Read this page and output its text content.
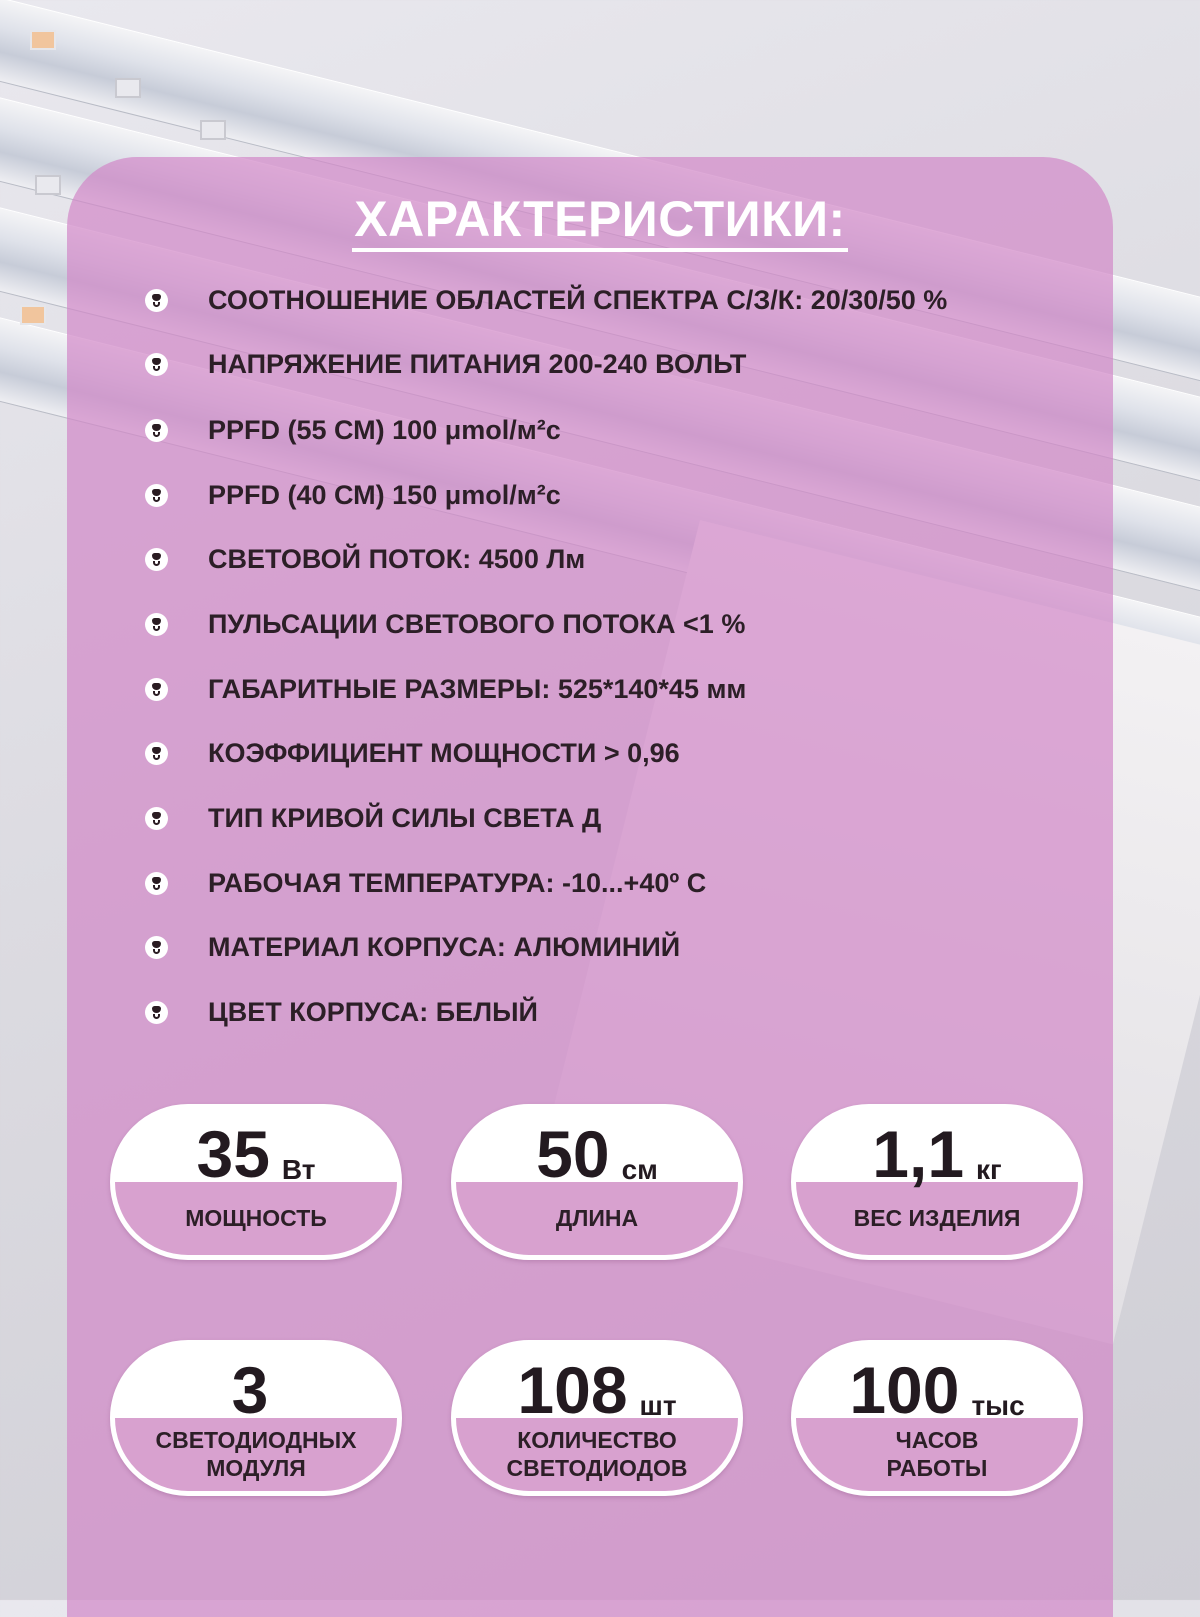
ХАРАКТЕРИСТИКИ:
СООТНОШЕНИЕ ОБЛАСТЕЙ СПЕКТРА С/З/К: 20/30/50 %
НАПРЯЖЕНИЕ ПИТАНИЯ 200-240 ВОЛЬТ
PPFD (55 СМ) 100 μmol/м²с
PPFD (40 СМ) 150 μmol/м²с
СВЕТОВОЙ ПОТОК: 4500 Лм
ПУЛЬСАЦИИ СВЕТОВОГО ПОТОКА <1 %
ГАБАРИТНЫЕ РАЗМЕРЫ: 525*140*45 мм
КОЭФФИЦИЕНТ МОЩНОСТИ > 0,96
ТИП КРИВОЙ СИЛЫ СВЕТА Д
РАБОЧАЯ ТЕМПЕРАТУРА: -10...+40º С
МАТЕРИАЛ КОРПУСА: АЛЮМИНИЙ
ЦВЕТ КОРПУСА: БЕЛЫЙ
35 Вт
МОЩНОСТЬ
50 см
ДЛИНА
1,1 кг
ВЕС ИЗДЕЛИЯ
3
СВЕТОДИОДНЫХ
МОДУЛЯ
108 шт
КОЛИЧЕСТВО
СВЕТОДИОДОВ
100 тыс
ЧАСОВ
РАБОТЫ
